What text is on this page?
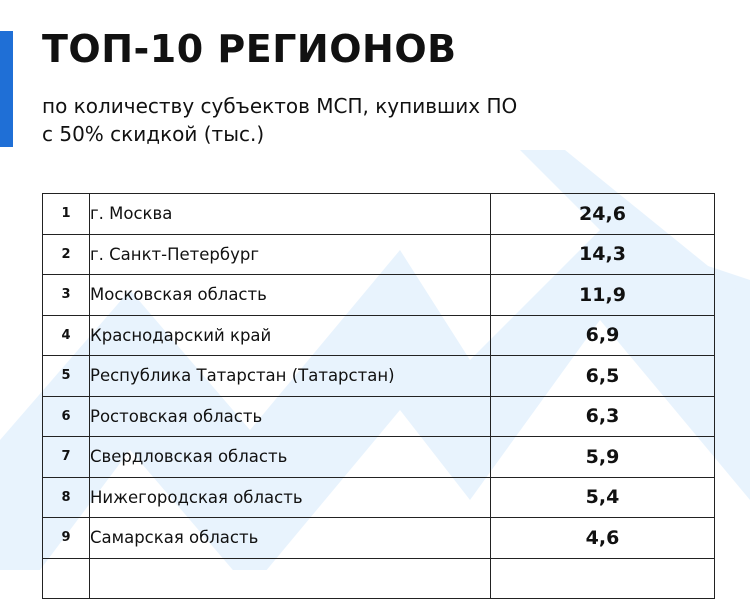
ТОП-10 РЕГИОНОВ

по количеству субъектов МСП, купивших ПО
с 50% скидкой (тыс.)

1	г. Москва	24,6
2	г. Санкт-Петербург	14,3
3	Московская область	11,9
4	Краснодарский край	6,9
5	Республика Татарстан (Татарстан)	6,5
6	Ростовская область	6,3
7	Свердловская область	5,9
8	Нижегородская область	5,4
9	Самарская область	4,6
